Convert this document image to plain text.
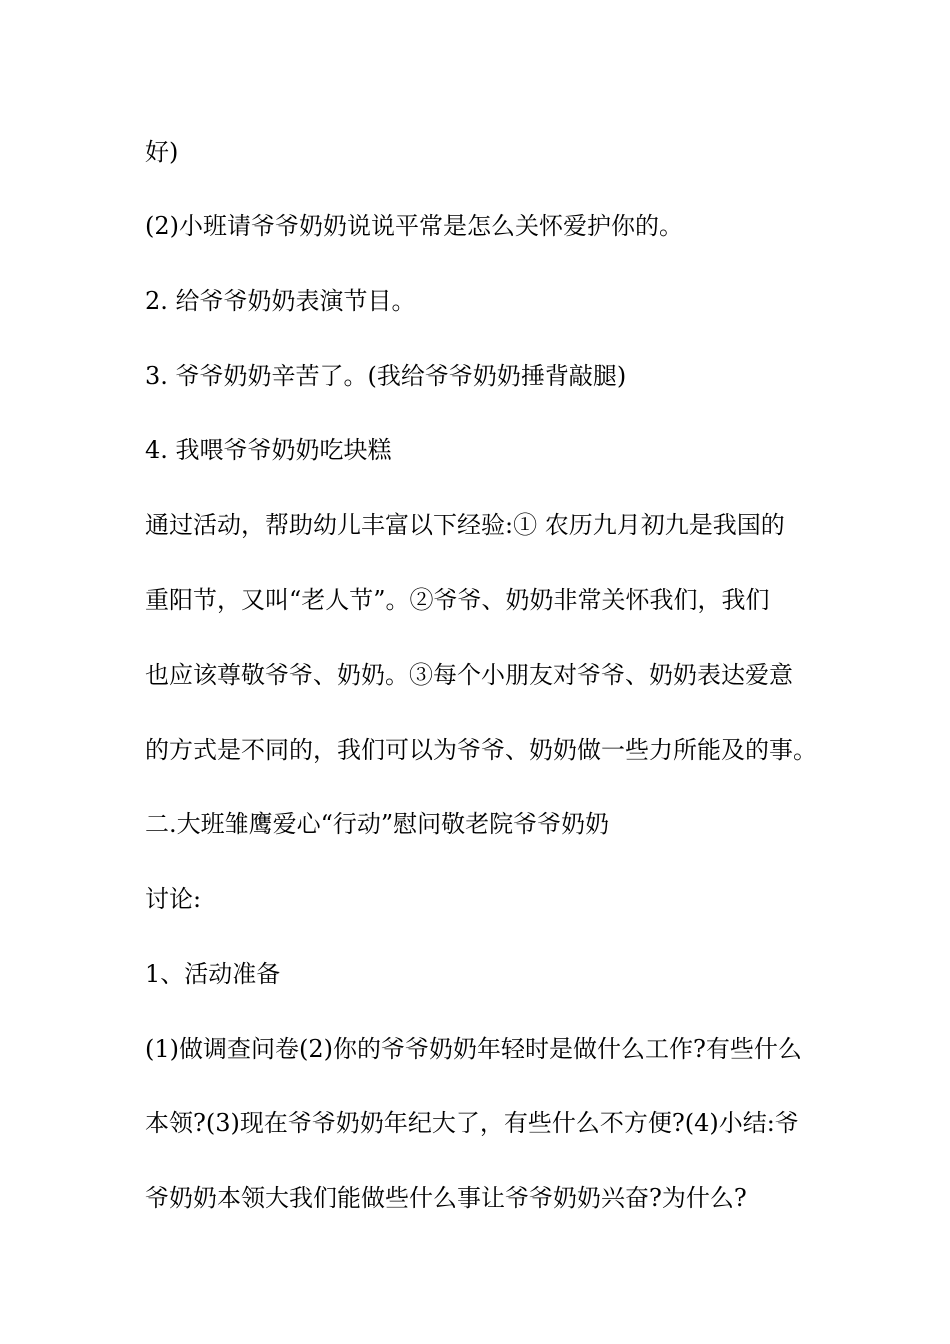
好)
(2)小班请爷爷奶奶说说平常是怎么关怀爱护你的。
2. 给爷爷奶奶表演节目。
3. 爷爷奶奶辛苦了。(我给爷爷奶奶捶背敲腿)
4. 我喂爷爷奶奶吃块糕
通过活动，帮助幼儿丰富以下经验:① 农历九月初九是我国的
重阳节，又叫“老人节”。②爷爷、奶奶非常关怀我们，我们
也应该尊敬爷爷、奶奶。③每个小朋友对爷爷、奶奶表达爱意
的方式是不同的，我们可以为爷爷、奶奶做一些力所能及的事。
二.大班雏鹰爱心“行动”慰问敬老院爷爷奶奶
讨论:
1、活动准备
(1)做调查问卷(2)你的爷爷奶奶年轻时是做什么工作?有些什么
本领?(3)现在爷爷奶奶年纪大了，有些什么不方便?(4)小结:爷
爷奶奶本领大我们能做些什么事让爷爷奶奶兴奋?为什么?
